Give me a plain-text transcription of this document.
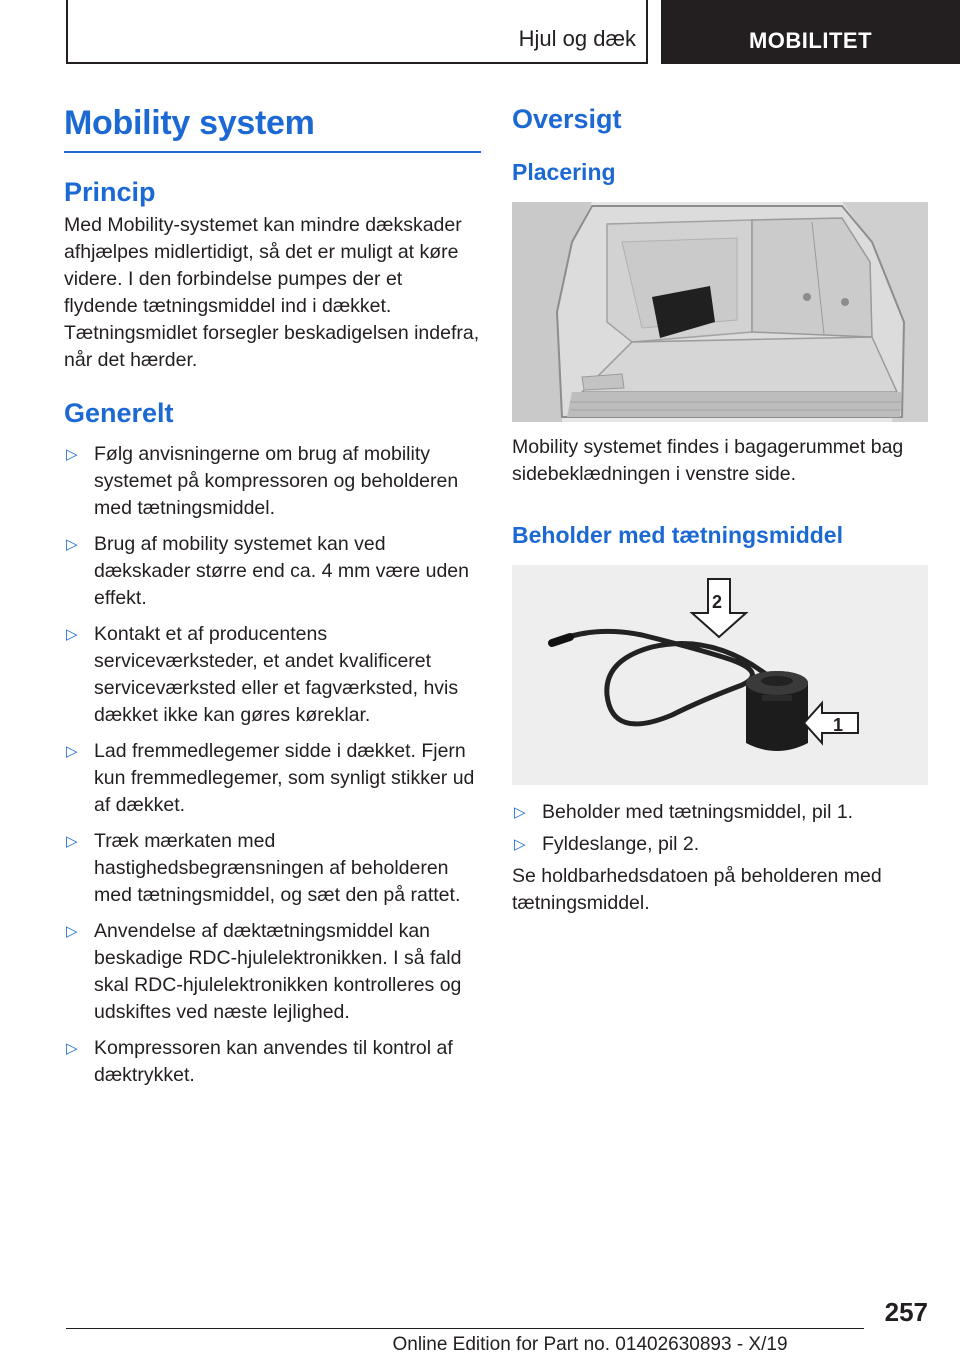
Hjul og dæk	MOBILITET
Mobility system
Princip

Med Mobility-systemet kan mindre dækskader afhjælpes midlertidigt, så det er muligt at køre videre. I den forbindelse pumpes der et flydende tætningsmiddel ind i dækket. Tætningsmidlet forsegler beskadigelsen indefra, når det hærder.

Generelt
▷ Følg anvisningerne om brug af mobility systemet på kompressoren og beholderen med tætningsmiddel.
▷ Brug af mobility systemet kan ved dækskader større end ca. 4 mm være uden effekt.
▷ Kontakt et af producentens serviceværksteder, et andet kvalificeret serviceværksted eller et fagværksted, hvis dækket ikke kan gøres køreklar.
▷ Lad fremmedlegemer sidde i dækket. Fjern kun fremmedlegemer, som synligt stikker ud af dækket.
▷ Træk mærkaten med hastighedsbegrænsningen af beholderen med tætningsmiddel, og sæt den på rattet.
▷ Anvendelse af dæktætningsmiddel kan beskadige RDC-hjulelektronikken. I så fald skal RDC-hjulelektronikken kontrolleres og udskiftes ved næste lejlighed.
▷ Kompressoren kan anvendes til kontrol af dæktrykket.
Oversigt
Placering

Mobility systemet findes i bagagerummet bag sidebeklædningen i venstre side.

Beholder med tætningsmiddel
1
2
▷ Beholder med tætningsmiddel, pil 1.
▷ Fyldeslange, pil 2.

Se holdbarhedsdatoen på beholderen med tætningsmiddel.

257
Online Edition for Part no. 01402630893 - X/19
